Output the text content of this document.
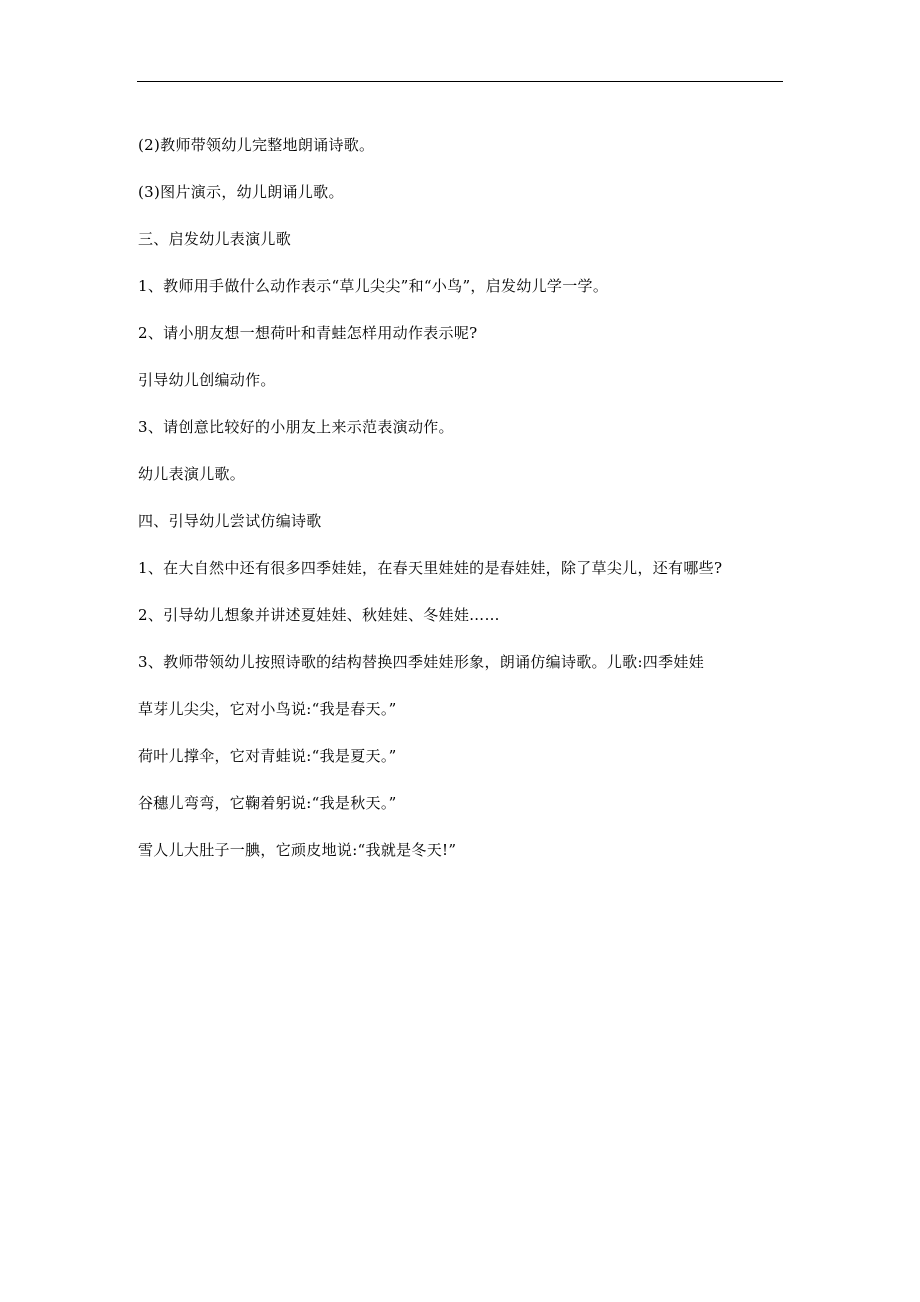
(2)教师带领幼儿完整地朗诵诗歌。

(3)图片演示，幼儿朗诵儿歌。

三、启发幼儿表演儿歌

1、教师用手做什么动作表示“草儿尖尖”和“小鸟”，启发幼儿学一学。

2、请小朋友想一想荷叶和青蛙怎样用动作表示呢?

引导幼儿创编动作。

3、请创意比较好的小朋友上来示范表演动作。

幼儿表演儿歌。

四、引导幼儿尝试仿编诗歌

1、在大自然中还有很多四季娃娃，在春天里娃娃的是春娃娃，除了草尖儿，还有哪些?

2、引导幼儿想象并讲述夏娃娃、秋娃娃、冬娃娃……

3、教师带领幼儿按照诗歌的结构替换四季娃娃形象，朗诵仿编诗歌。儿歌:四季娃娃

草芽儿尖尖，它对小鸟说:“我是春天。”

荷叶儿撑伞，它对青蛙说:“我是夏天。”

谷穗儿弯弯，它鞠着躬说:“我是秋天。”

雪人儿大肚子一腆，它顽皮地说:“我就是冬天!”
